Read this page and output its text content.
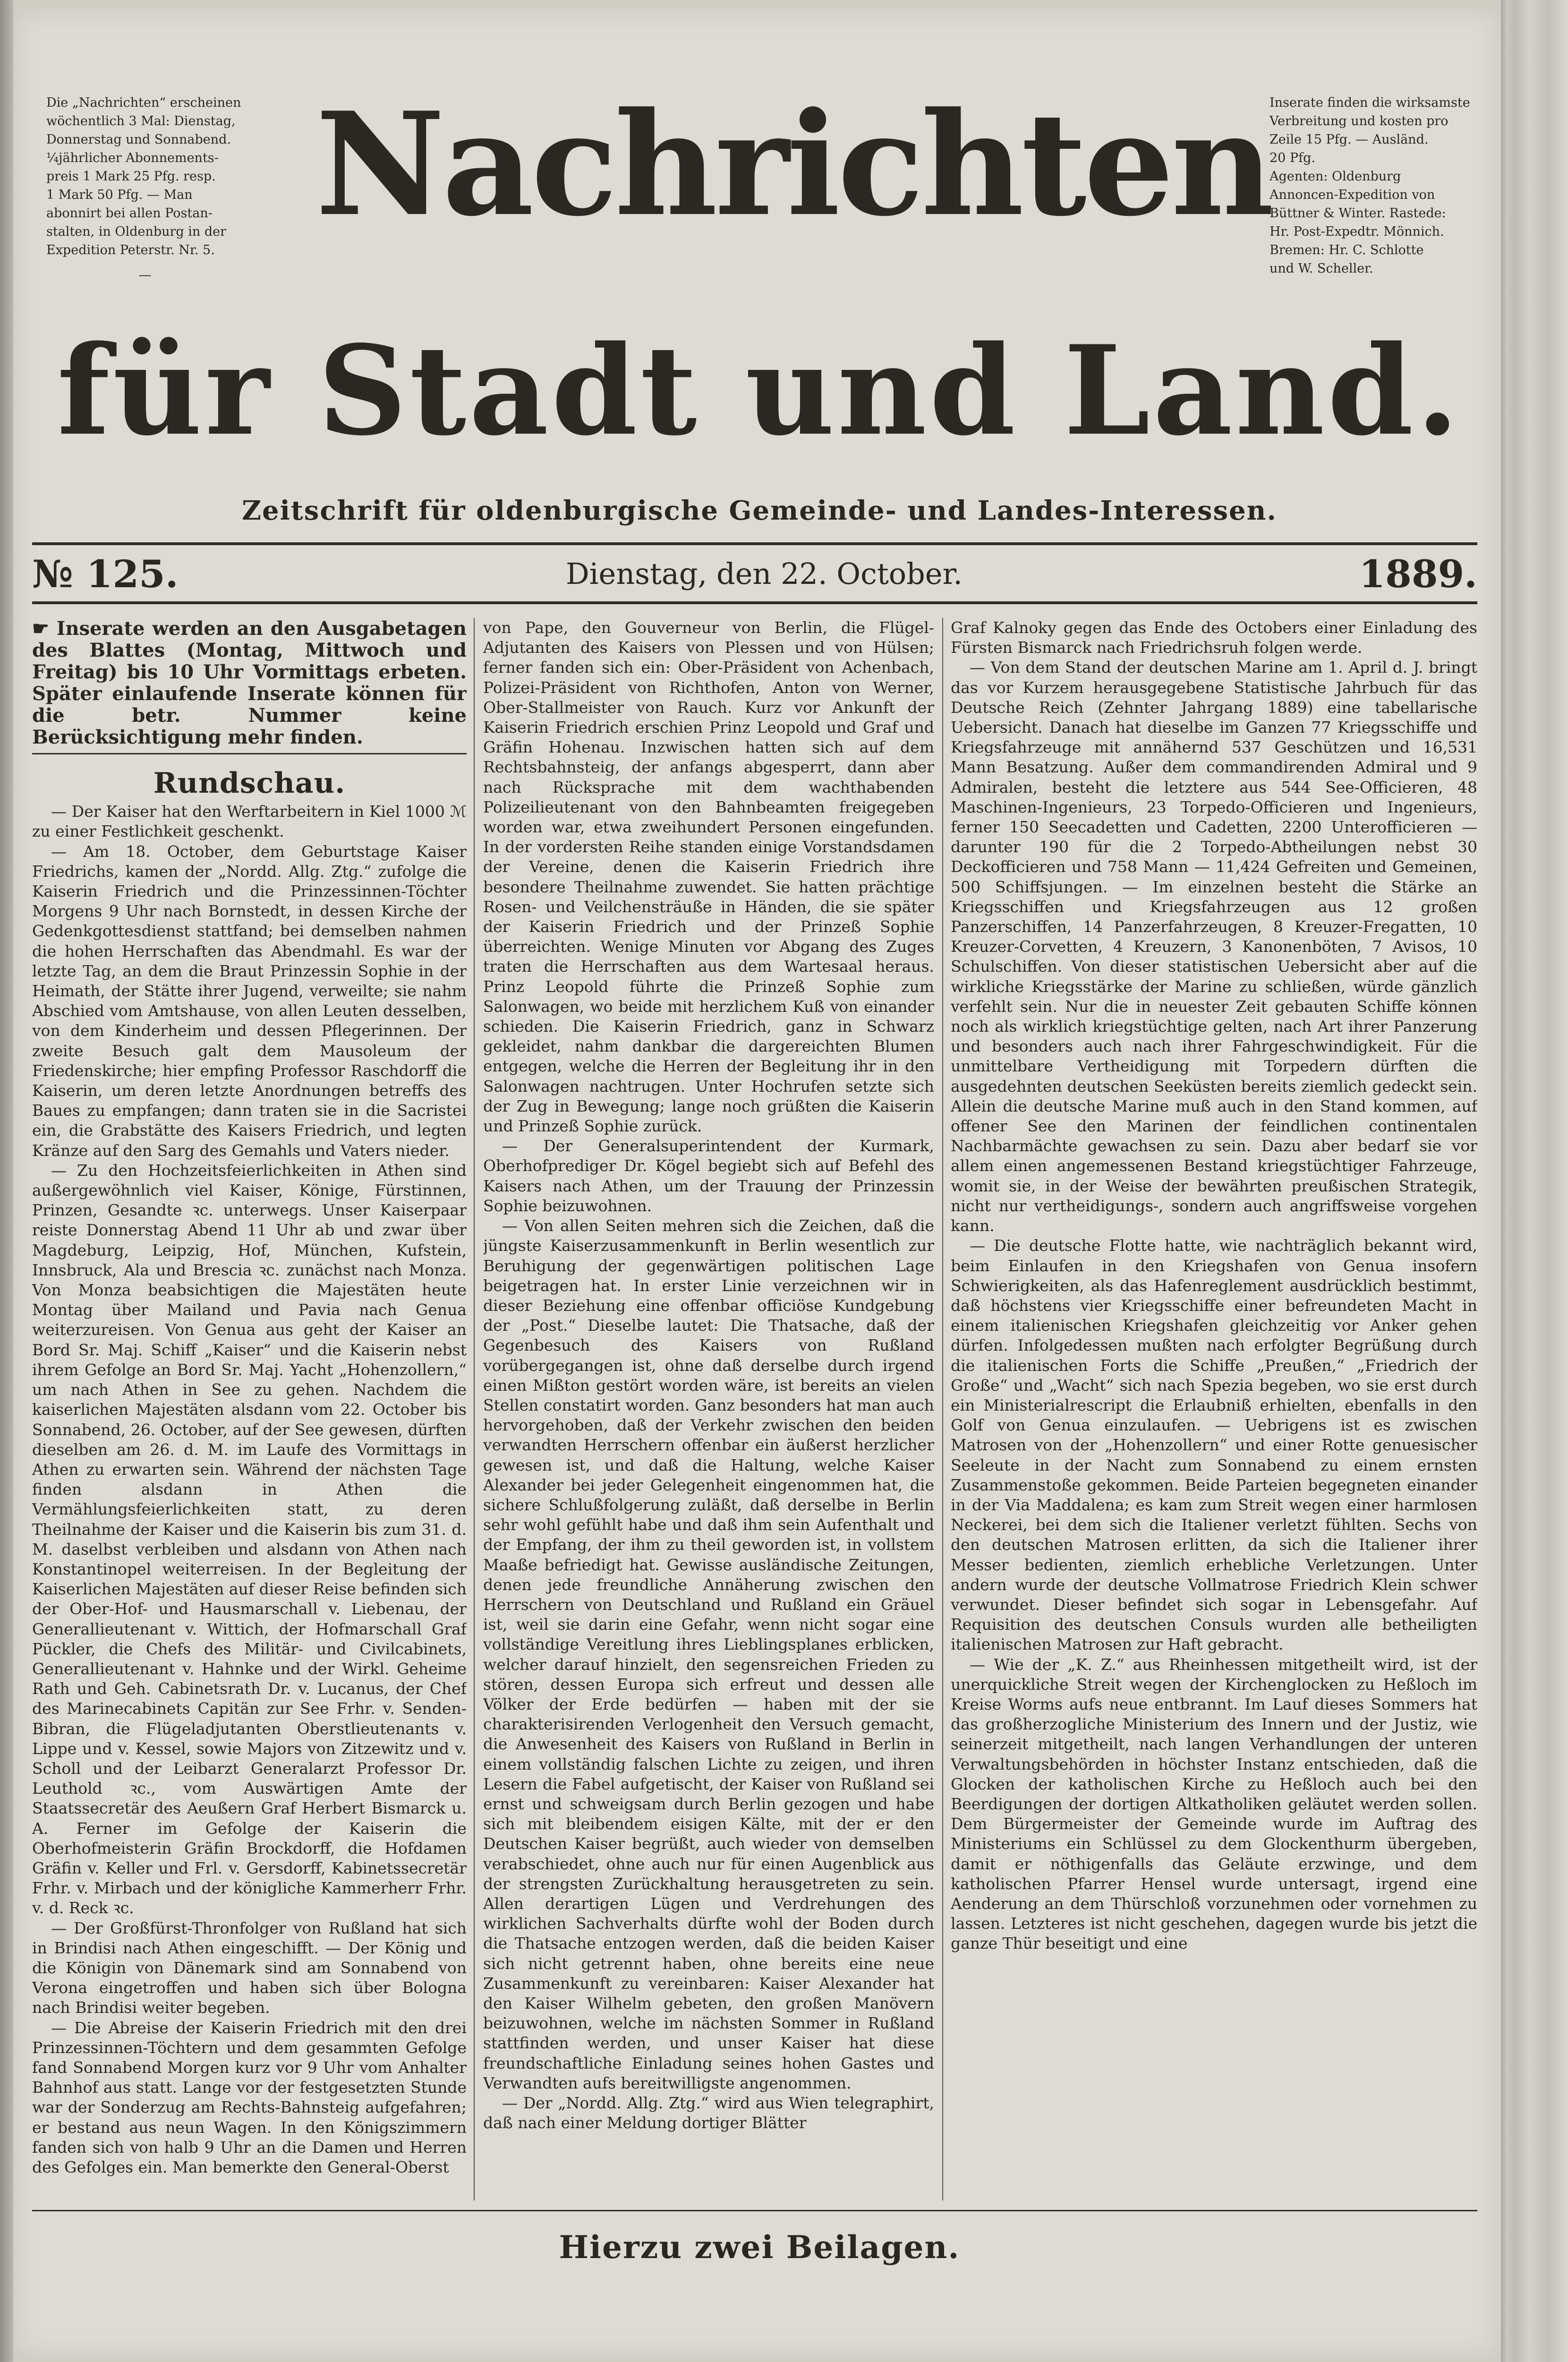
Die „Nachrichten“ erscheinen
wöchentlich 3 Mal: Dienstag,
Donnerstag und Sonnabend.
¼jährlicher Abonnements-
preis 1 Mark 25 Pfg. resp.
1 Mark 50 Pfg. — Man
abonnirt bei allen Postan-
stalten, in Oldenburg in der
Expedition Peterstr. Nr. 5.
—
Inserate finden die wirksamste
Verbreitung und kosten pro
Zeile 15 Pfg. — Ausländ.
20 Pfg.
Agenten: Oldenburg
Annoncen-Expedition von
Büttner & Winter. Rastede:
Hr. Post-Expedtr. Mönnich.
Bremen: Hr. C. Schlotte
und W. Scheller.
Nachrichten
für Stadt und Land.
Zeitschrift für oldenburgische Gemeinde- und Landes-Interessen.
№ 125.	Dienstag, den 22. October.	1889.
☛ Inserate werden an den Ausgabetagen des Blattes (Montag, Mittwoch und Freitag) bis 10 Uhr Vormittags erbeten. Später einlaufende Inserate können für die betr. Nummer keine Berücksichtigung mehr finden.
Rundschau.

— Der Kaiser hat den Werftarbeitern in Kiel 1000 ℳ zu einer Festlichkeit geschenkt.

— Am 18. October, dem Geburtstage Kaiser Friedrichs, kamen der „Nordd. Allg. Ztg.“ zufolge die Kaiserin Friedrich und die Prinzessinnen-Töchter Morgens 9 Uhr nach Bornstedt, in dessen Kirche der Gedenkgottesdienst stattfand; bei demselben nahmen die hohen Herrschaften das Abendmahl. Es war der letzte Tag, an dem die Braut Prinzessin Sophie in der Heimath, der Stätte ihrer Jugend, verweilte; sie nahm Abschied vom Amtshause, von allen Leuten desselben, von dem Kinderheim und dessen Pflegerinnen. Der zweite Besuch galt dem Mausoleum der Friedenskirche; hier empfing Professor Raschdorff die Kaiserin, um deren letzte Anordnungen betreffs des Baues zu empfangen; dann traten sie in die Sacristei ein, die Grabstätte des Kaisers Friedrich, und legten Kränze auf den Sarg des Gemahls und Vaters nieder.

— Zu den Hochzeitsfeierlichkeiten in Athen sind außergewöhnlich viel Kaiser, Könige, Fürstinnen, Prinzen, Gesandte ꝛc. unterwegs. Unser Kaiserpaar reiste Donnerstag Abend 11 Uhr ab und zwar über Magdeburg, Leipzig, Hof, München, Kufstein, Innsbruck, Ala und Brescia ꝛc. zunächst nach Monza. Von Monza beabsichtigen die Majestäten heute Montag über Mailand und Pavia nach Genua weiterzureisen. Von Genua aus geht der Kaiser an Bord Sr. Maj. Schiff „Kaiser“ und die Kaiserin nebst ihrem Gefolge an Bord Sr. Maj. Yacht „Hohenzollern,“ um nach Athen in See zu gehen. Nachdem die kaiserlichen Majestäten alsdann vom 22. October bis Sonnabend, 26. October, auf der See gewesen, dürften dieselben am 26. d. M. im Laufe des Vormittags in Athen zu erwarten sein. Während der nächsten Tage finden alsdann in Athen die Vermählungsfeierlichkeiten statt, zu deren Theilnahme der Kaiser und die Kaiserin bis zum 31. d. M. daselbst verbleiben und alsdann von Athen nach Konstantinopel weiterreisen. In der Begleitung der Kaiserlichen Majestäten auf dieser Reise befinden sich der Ober-Hof- und Hausmarschall v. Liebenau, der Generallieutenant v. Wittich, der Hofmarschall Graf Pückler, die Chefs des Militär- und Civilcabinets, Generallieutenant v. Hahnke und der Wirkl. Geheime Rath und Geh. Cabinetsrath Dr. v. Lucanus, der Chef des Marinecabinets Capitän zur See Frhr. v. Senden-Bibran, die Flügeladjutanten Oberstlieutenants v. Lippe und v. Kessel, sowie Majors von Zitzewitz und v. Scholl und der Leibarzt Generalarzt Professor Dr. Leuthold ꝛc., vom Auswärtigen Amte der Staatssecretär des Aeußern Graf Herbert Bismarck u. A. Ferner im Gefolge der Kaiserin die Oberhofmeisterin Gräfin Brockdorff, die Hofdamen Gräfin v. Keller und Frl. v. Gersdorff, Kabinetssecretär Frhr. v. Mirbach und der königliche Kammerherr Frhr. v. d. Reck ꝛc.

— Der Großfürst-Thronfolger von Rußland hat sich in Brindisi nach Athen eingeschifft. — Der König und die Königin von Dänemark sind am Sonnabend von Verona eingetroffen und haben sich über Bologna nach Brindisi weiter begeben.

— Die Abreise der Kaiserin Friedrich mit den drei Prinzessinnen-Töchtern und dem gesammten Gefolge fand Sonnabend Morgen kurz vor 9 Uhr vom Anhalter Bahnhof aus statt. Lange vor der festgesetzten Stunde war der Sonderzug am Rechts-Bahnsteig aufgefahren; er bestand aus neun Wagen. In den Königszimmern fanden sich von halb 9 Uhr an die Damen und Herren des Gefolges ein. Man bemerkte den General-Oberst

von Pape, den Gouverneur von Berlin, die Flügel-Adjutanten des Kaisers von Plessen und von Hülsen; ferner fanden sich ein: Ober-Präsident von Achenbach, Polizei-Präsident von Richthofen, Anton von Werner, Ober-Stallmeister von Rauch. Kurz vor Ankunft der Kaiserin Friedrich erschien Prinz Leopold und Graf und Gräfin Hohenau. Inzwischen hatten sich auf dem Rechtsbahnsteig, der anfangs abgesperrt, dann aber nach Rücksprache mit dem wachthabenden Polizeilieutenant von den Bahnbeamten freigegeben worden war, etwa zweihundert Personen eingefunden. In der vordersten Reihe standen einige Vorstandsdamen der Vereine, denen die Kaiserin Friedrich ihre besondere Theilnahme zuwendet. Sie hatten prächtige Rosen- und Veilchensträuße in Händen, die sie später der Kaiserin Friedrich und der Prinzeß Sophie überreichten. Wenige Minuten vor Abgang des Zuges traten die Herrschaften aus dem Wartesaal heraus. Prinz Leopold führte die Prinzeß Sophie zum Salonwagen, wo beide mit herzlichem Kuß von einander schieden. Die Kaiserin Friedrich, ganz in Schwarz gekleidet, nahm dankbar die dargereichten Blumen entgegen, welche die Herren der Begleitung ihr in den Salonwagen nachtrugen. Unter Hochrufen setzte sich der Zug in Bewegung; lange noch grüßten die Kaiserin und Prinzeß Sophie zurück.

— Der Generalsuperintendent der Kurmark, Oberhofprediger Dr. Kögel begiebt sich auf Befehl des Kaisers nach Athen, um der Trauung der Prinzessin Sophie beizuwohnen.

— Von allen Seiten mehren sich die Zeichen, daß die jüngste Kaiserzusammenkunft in Berlin wesentlich zur Beruhigung der gegenwärtigen politischen Lage beigetragen hat. In erster Linie verzeichnen wir in dieser Beziehung eine offenbar officiöse Kundgebung der „Post.“ Dieselbe lautet: Die Thatsache, daß der Gegenbesuch des Kaisers von Rußland vorübergegangen ist, ohne daß derselbe durch irgend einen Mißton gestört worden wäre, ist bereits an vielen Stellen constatirt worden. Ganz besonders hat man auch hervorgehoben, daß der Verkehr zwischen den beiden verwandten Herrschern offenbar ein äußerst herzlicher gewesen ist, und daß die Haltung, welche Kaiser Alexander bei jeder Gelegenheit eingenommen hat, die sichere Schlußfolgerung zuläßt, daß derselbe in Berlin sehr wohl gefühlt habe und daß ihm sein Aufenthalt und der Empfang, der ihm zu theil geworden ist, in vollstem Maaße befriedigt hat. Gewisse ausländische Zeitungen, denen jede freundliche Annäherung zwischen den Herrschern von Deutschland und Rußland ein Gräuel ist, weil sie darin eine Gefahr, wenn nicht sogar eine vollständige Vereitlung ihres Lieblingsplanes erblicken, welcher darauf hinzielt, den segensreichen Frieden zu stören, dessen Europa sich erfreut und dessen alle Völker der Erde bedürfen — haben mit der sie charakterisirenden Verlogenheit den Versuch gemacht, die Anwesenheit des Kaisers von Rußland in Berlin in einem vollständig falschen Lichte zu zeigen, und ihren Lesern die Fabel aufgetischt, der Kaiser von Rußland sei ernst und schweigsam durch Berlin gezogen und habe sich mit bleibendem eisigen Kälte, mit der er den Deutschen Kaiser begrüßt, auch wieder von demselben verabschiedet, ohne auch nur für einen Augenblick aus der strengsten Zurückhaltung herausgetreten zu sein. Allen derartigen Lügen und Verdrehungen des wirklichen Sachverhalts dürfte wohl der Boden durch die Thatsache entzogen werden, daß die beiden Kaiser sich nicht getrennt haben, ohne bereits eine neue Zusammenkunft zu vereinbaren: Kaiser Alexander hat den Kaiser Wilhelm gebeten, den großen Manövern beizuwohnen, welche im nächsten Sommer in Rußland stattfinden werden, und unser Kaiser hat diese freundschaftliche Einladung seines hohen Gastes und Verwandten aufs bereitwilligste angenommen.

— Der „Nordd. Allg. Ztg.“ wird aus Wien telegraphirt, daß nach einer Meldung dortiger Blätter

Graf Kalnoky gegen das Ende des Octobers einer Einladung des Fürsten Bismarck nach Friedrichsruh folgen werde.

— Von dem Stand der deutschen Marine am 1. April d. J. bringt das vor Kurzem herausgegebene Statistische Jahrbuch für das Deutsche Reich (Zehnter Jahrgang 1889) eine tabellarische Uebersicht. Danach hat dieselbe im Ganzen 77 Kriegsschiffe und Kriegsfahrzeuge mit annähernd 537 Geschützen und 16,531 Mann Besatzung. Außer dem commandirenden Admiral und 9 Admiralen, besteht die letztere aus 544 See-Officieren, 48 Maschinen-Ingenieurs, 23 Torpedo-Officieren und Ingenieurs, ferner 150 Seecadetten und Cadetten, 2200 Unterofficieren — darunter 190 für die 2 Torpedo-Abtheilungen nebst 30 Deckofficieren und 758 Mann — 11,424 Gefreiten und Gemeinen, 500 Schiffsjungen. — Im einzelnen besteht die Stärke an Kriegsschiffen und Kriegsfahrzeugen aus 12 großen Panzerschiffen, 14 Panzerfahrzeugen, 8 Kreuzer-Fregatten, 10 Kreuzer-Corvetten, 4 Kreuzern, 3 Kanonenböten, 7 Avisos, 10 Schulschiffen. Von dieser statistischen Uebersicht aber auf die wirkliche Kriegsstärke der Marine zu schließen, würde gänzlich verfehlt sein. Nur die in neuester Zeit gebauten Schiffe können noch als wirklich kriegstüchtige gelten, nach Art ihrer Panzerung und besonders auch nach ihrer Fahrgeschwindigkeit. Für die unmittelbare Vertheidigung mit Torpedern dürften die ausgedehnten deutschen Seeküsten bereits ziemlich gedeckt sein. Allein die deutsche Marine muß auch in den Stand kommen, auf offener See den Marinen der feindlichen continentalen Nachbarmächte gewachsen zu sein. Dazu aber bedarf sie vor allem einen angemessenen Bestand kriegstüchtiger Fahrzeuge, womit sie, in der Weise der bewährten preußischen Strategik, nicht nur vertheidigungs-, sondern auch angriffsweise vorgehen kann.

— Die deutsche Flotte hatte, wie nachträglich bekannt wird, beim Einlaufen in den Kriegshafen von Genua insofern Schwierigkeiten, als das Hafenreglement ausdrücklich bestimmt, daß höchstens vier Kriegsschiffe einer befreundeten Macht in einem italienischen Kriegshafen gleichzeitig vor Anker gehen dürfen. Infolgedessen mußten nach erfolgter Begrüßung durch die italienischen Forts die Schiffe „Preußen,“ „Friedrich der Große“ und „Wacht“ sich nach Spezia begeben, wo sie erst durch ein Ministerialrescript die Erlaubniß erhielten, ebenfalls in den Golf von Genua einzulaufen. — Uebrigens ist es zwischen Matrosen von der „Hohenzollern“ und einer Rotte genuesischer Seeleute in der Nacht zum Sonnabend zu einem ernsten Zusammenstoße gekommen. Beide Parteien begegneten einander in der Via Maddalena; es kam zum Streit wegen einer harmlosen Neckerei, bei dem sich die Italiener verletzt fühlten. Sechs von den deutschen Matrosen erlitten, da sich die Italiener ihrer Messer bedienten, ziemlich erhebliche Verletzungen. Unter andern wurde der deutsche Vollmatrose Friedrich Klein schwer verwundet. Dieser befindet sich sogar in Lebensgefahr. Auf Requisition des deutschen Consuls wurden alle betheiligten italienischen Matrosen zur Haft gebracht.

— Wie der „K. Z.“ aus Rheinhessen mitgetheilt wird, ist der unerquickliche Streit wegen der Kirchenglocken zu Heßloch im Kreise Worms aufs neue entbrannt. Im Lauf dieses Sommers hat das großherzogliche Ministerium des Innern und der Justiz, wie seinerzeit mitgetheilt, nach langen Verhandlungen der unteren Verwaltungsbehörden in höchster Instanz entschieden, daß die Glocken der katholischen Kirche zu Heßloch auch bei den Beerdigungen der dortigen Altkatholiken geläutet werden sollen. Dem Bürgermeister der Gemeinde wurde im Auftrag des Ministeriums ein Schlüssel zu dem Glockenthurm übergeben, damit er nöthigenfalls das Geläute erzwinge, und dem katholischen Pfarrer Hensel wurde untersagt, irgend eine Aenderung an dem Thürschloß vorzunehmen oder vornehmen zu lassen. Letzteres ist nicht geschehen, dagegen wurde bis jetzt die ganze Thür beseitigt und eine

Hierzu zwei Beilagen.
